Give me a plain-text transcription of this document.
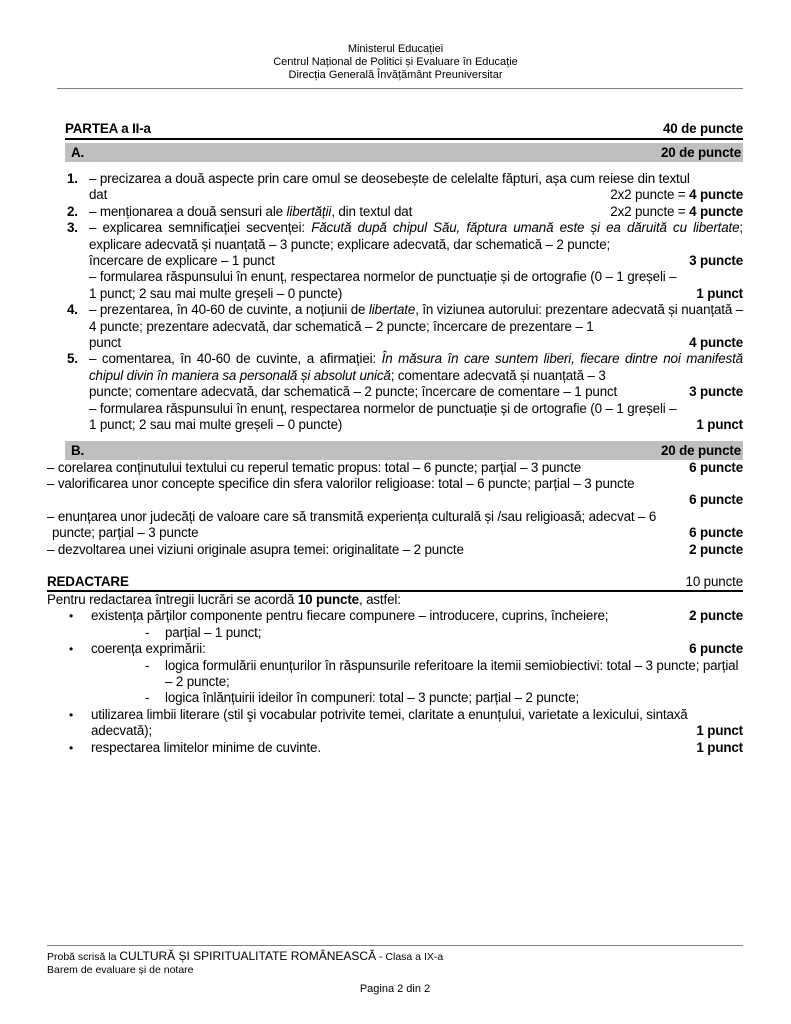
Ministerul Educației
Centrul Național de Politici și Evaluare în Educație
Direcția Generală Învățământ Preuniversitar
PARTEA a II-a	40 de puncte
A.	20 de puncte
1. – precizarea a două aspecte prin care omul se deosebește de celelalte făpturi, așa cum reiese din textul
dat	2x2 puncte = 4 puncte
2. – menționarea a două sensuri ale libertății, din textul dat	2x2 puncte = 4 puncte
3. – explicarea semnificației secvenței: Făcută după chipul Său, făptura umană este și ea dăruită cu libertate; explicare adecvată și nuanțată – 3 puncte; explicare adecvată, dar schematică – 2 puncte;
încercare de explicare – 1 punct	3 puncte
– formularea răspunsului în enunț, respectarea normelor de punctuație și de ortografie (0 – 1 greșeli –
1 punct; 2 sau mai multe greșeli – 0 puncte)	1 punct
4. – prezentarea, în 40-60 de cuvinte, a noțiunii de libertate, în viziunea autorului: prezentare adecvată și nuanțată – 4 puncte; prezentare adecvată, dar schematică – 2 puncte; încercare de prezentare – 1
punct	4 puncte
5. – comentarea, în 40-60 de cuvinte, a afirmației: În măsura în care suntem liberi, fiecare dintre noi manifestă chipul divin în maniera sa personală și absolut unică; comentare adecvată și nuanțată – 3
puncte; comentare adecvată, dar schematică – 2 puncte; încercare de comentare – 1 punct	3 puncte
– formularea răspunsului în enunț, respectarea normelor de punctuație și de ortografie (0 – 1 greșeli –
1 punct; 2 sau mai multe greșeli – 0 puncte)	1 punct
B.	20 de puncte
– corelarea conținutului textului cu reperul tematic propus: total – 6 puncte; parțial – 3 puncte	6 puncte
– valorificarea unor concepte specifice din sfera valorilor religioase: total – 6 puncte; parțial – 3 puncte
6 puncte
– enunțarea unor judecăți de valoare care să transmită experiența culturală și /sau religioasă; adecvat – 6
puncte; parțial – 3 puncte	6 puncte
– dezvoltarea unei viziuni originale asupra temei: originalitate – 2 puncte	2 puncte
REDACTARE	10 puncte
Pentru redactarea întregii lucrări se acordă 10 puncte, astfel:
•	existența părților componente pentru fiecare compunere – introducere, cuprins, încheiere;	2 puncte
-	parțial – 1 punct;
•	coerența exprimării:	6 puncte
-	logica formulării enunțurilor în răspunsurile referitoare la itemii semiobiectivi: total – 3 puncte; parțial – 2 puncte;
-	logica înlănțuirii ideilor în compuneri: total – 3 puncte; parțial – 2 puncte;
•	utilizarea limbii literare (stil şi vocabular potrivite temei, claritate a enunțului, varietate a lexicului, sintaxă
adecvată);	1 punct
•	respectarea limitelor minime de cuvinte.	1 punct
Probă scrisă la CULTURĂ ȘI SPIRITUALITATE ROMÂNEASCĂ - Clasa a IX-a
Barem de evaluare și de notare
Pagina 2 din 2
